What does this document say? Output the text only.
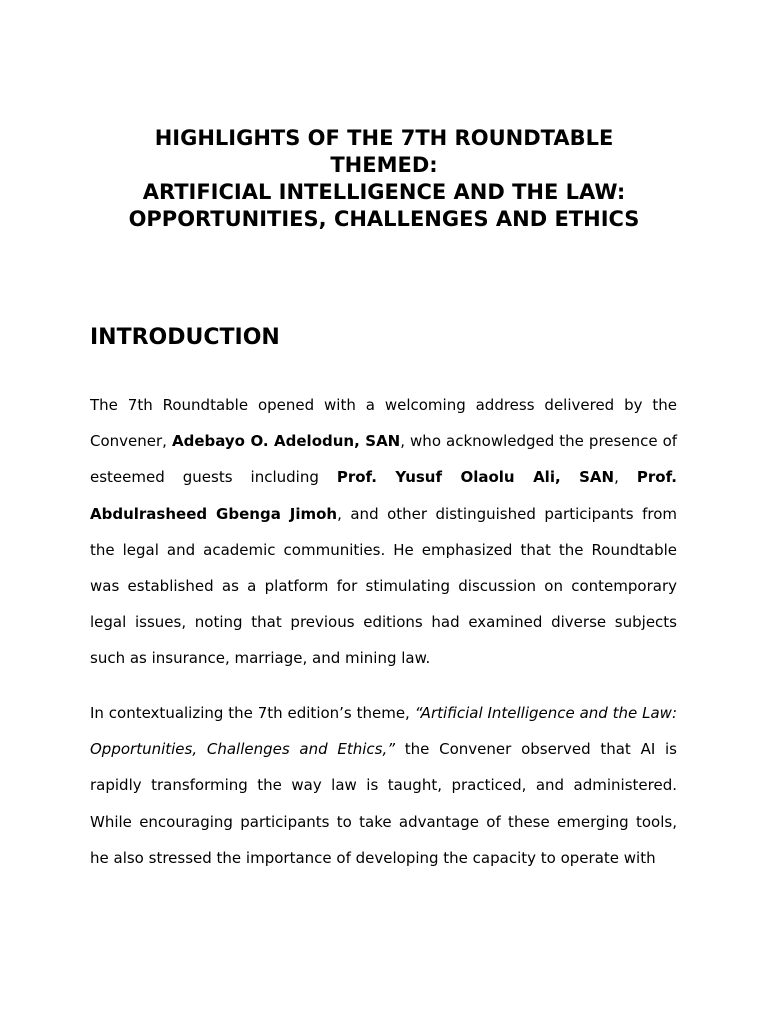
HIGHLIGHTS OF THE 7TH ROUNDTABLE
THEMED:
ARTIFICIAL INTELLIGENCE AND THE LAW:
OPPORTUNITIES, CHALLENGES AND ETHICS
INTRODUCTION

The 7th Roundtable opened with a welcoming address delivered by the Convener, Adebayo O. Adelodun, SAN, who acknowledged the presence of esteemed guests including Prof. Yusuf Olaolu Ali, SAN, Prof. Abdulrasheed Gbenga Jimoh, and other distinguished participants from the legal and academic communities. He emphasized that the Roundtable was established as a platform for stimulating discussion on contemporary legal issues, noting that previous editions had examined diverse subjects such as insurance, marriage, and mining law.

In contextualizing the 7th edition’s theme, “Artificial Intelligence and the Law: Opportunities, Challenges and Ethics,” the Convener observed that AI is rapidly transforming the way law is taught, practiced, and administered. While encouraging participants to take advantage of these emerging tools, he also stressed the importance of developing the capacity to operate with
